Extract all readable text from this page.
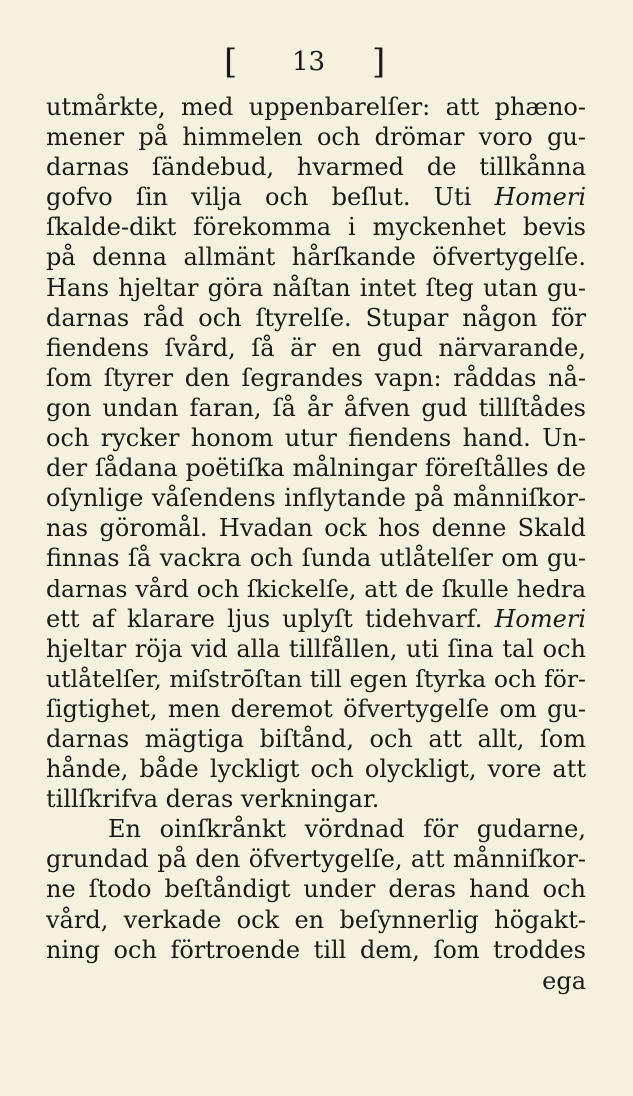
[ 13 ]
utmårkte, med uppenbarelſer: att phæno-
mener på himmelen och drömar voro gu-
darnas ſändebud, hvarmed de tillkånna
gofvo ſin vilja och beſlut. Uti Homeri
ſkalde-dikt förekomma i myckenhet bevis
på denna allmänt hårſkande öfvertygelſe.
Hans hjeltar göra nåſtan intet ſteg utan gu-
darnas råd och ſtyrelſe. Stupar någon för
fiendens ſvård, ſå är en gud närvarande,
ſom ſtyrer den ſegrandes vapn: råddas nå-
gon undan faran, ſå år åfven gud tillſtådes
och rycker honom utur fiendens hand. Un-
der ſådana poëtiſka målningar föreſtålles de
oſynlige våſendens inflytande på månniſkor-
nas göromål. Hvadan ock hos denne Skald
finnas ſå vackra och ſunda utlåtelſer om gu-
darnas vård och ſkickelſe, att de ſkulle hedra
ett af klarare ljus uplyſt tidehvarf. Homeri
hjeltar röja vid alla tillfållen, uti ſina tal och
utlåtelſer, miſstrōſtan till egen ſtyrka och för-
ſigtighet, men deremot öfvertygelſe om gu-
darnas mägtiga biſtånd, och att allt, ſom
hånde, både lyckligt och olyckligt, vore att
tillſkrifva deras verkningar.
En oinſkrånkt vördnad för gudarne,
grundad på den öfvertygelſe, att månniſkor-
ne ſtodo beſtåndigt under deras hand och
vård, verkade ock en beſynnerlig högakt-
ning och förtroende till dem, ſom troddes
ega
